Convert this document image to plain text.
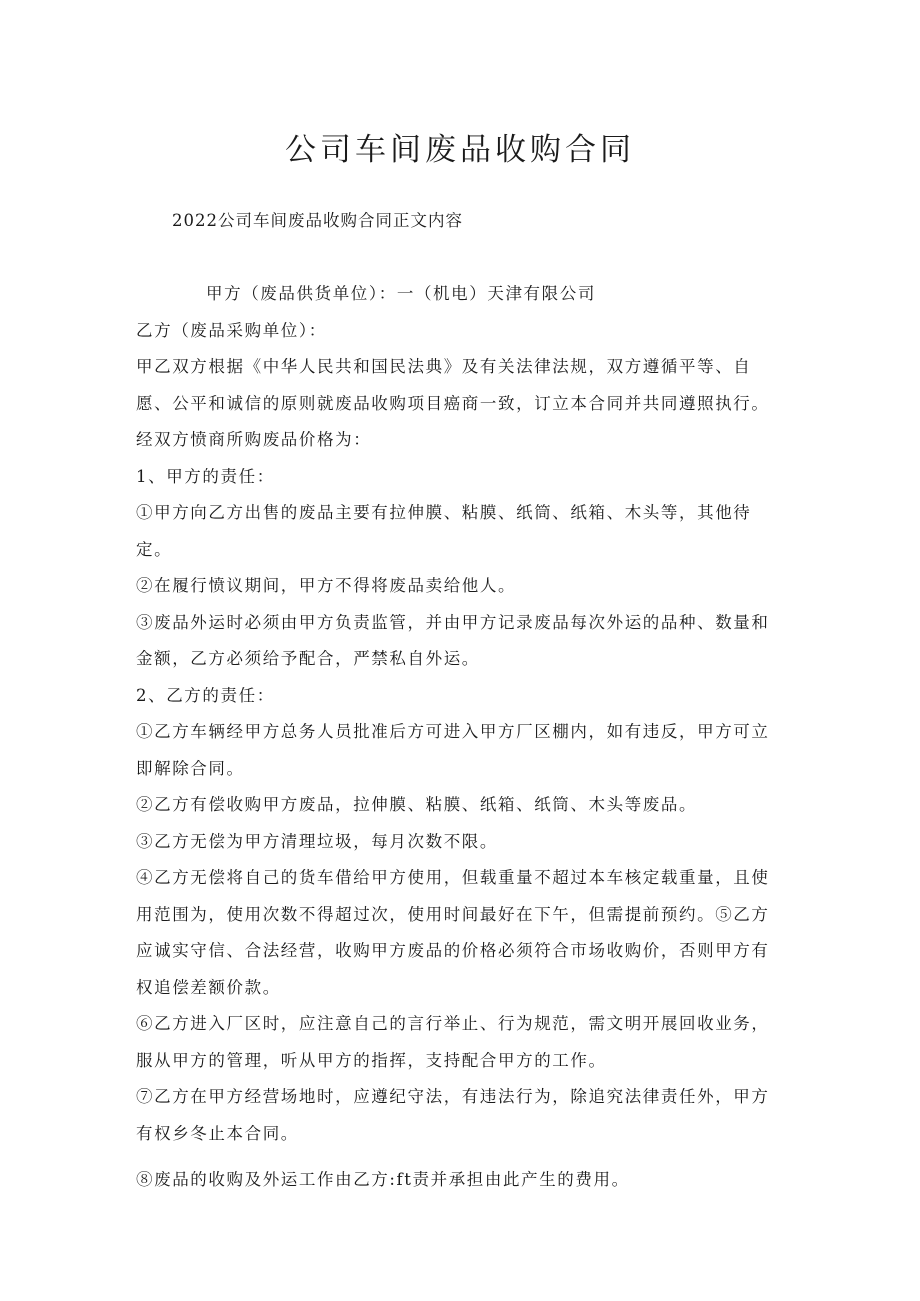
公司车间废品收购合同
2022公司车间废品收购合同正文内容

甲方（废品供货单位）：一（机电）天津有限公司

乙方（废品采购单位）：

甲乙双方根据《中华人民共和国民法典》及有关法律法规，双方遵循平等、自愿、公平和诚信的原则就废品收购项目癌商一致，订立本合同并共同遵照执行。经双方愤商所购废品价格为：

1、甲方的责任：

①甲方向乙方出售的废品主要有拉伸膜、粘膜、纸筒、纸箱、木头等，其他待定。

②在履行愤议期间，甲方不得将废品卖给他人。

③废品外运时必须由甲方负责监管，并由甲方记录废品每次外运的品种、数量和金额，乙方必须给予配合，严禁私自外运。

2、乙方的责任：

①乙方车辆经甲方总务人员批准后方可进入甲方厂区棚内，如有违反，甲方可立即解除合同。

②乙方有偿收购甲方废品，拉伸膜、粘膜、纸箱、纸筒、木头等废品。

③乙方无偿为甲方清理垃圾，每月次数不限。

④乙方无偿将自己的货车借给甲方使用，但载重量不超过本车核定载重量，且使用范围为，使用次数不得超过次，使用时间最好在下午，但需提前预约。⑤乙方应诚实守信、合法经营，收购甲方废品的价格必须符合市场收购价，否则甲方有权追偿差额价款。

⑥乙方进入厂区时，应注意自己的言行举止、行为规范，需文明开展回收业务，服从甲方的管理，听从甲方的指挥，支持配合甲方的工作。

⑦乙方在甲方经营场地时，应遵纪守法，有违法行为，除追究法律责任外，甲方有权乡冬止本合同。

⑧废品的收购及外运工作由乙方:ft责并承担由此产生的费用。
